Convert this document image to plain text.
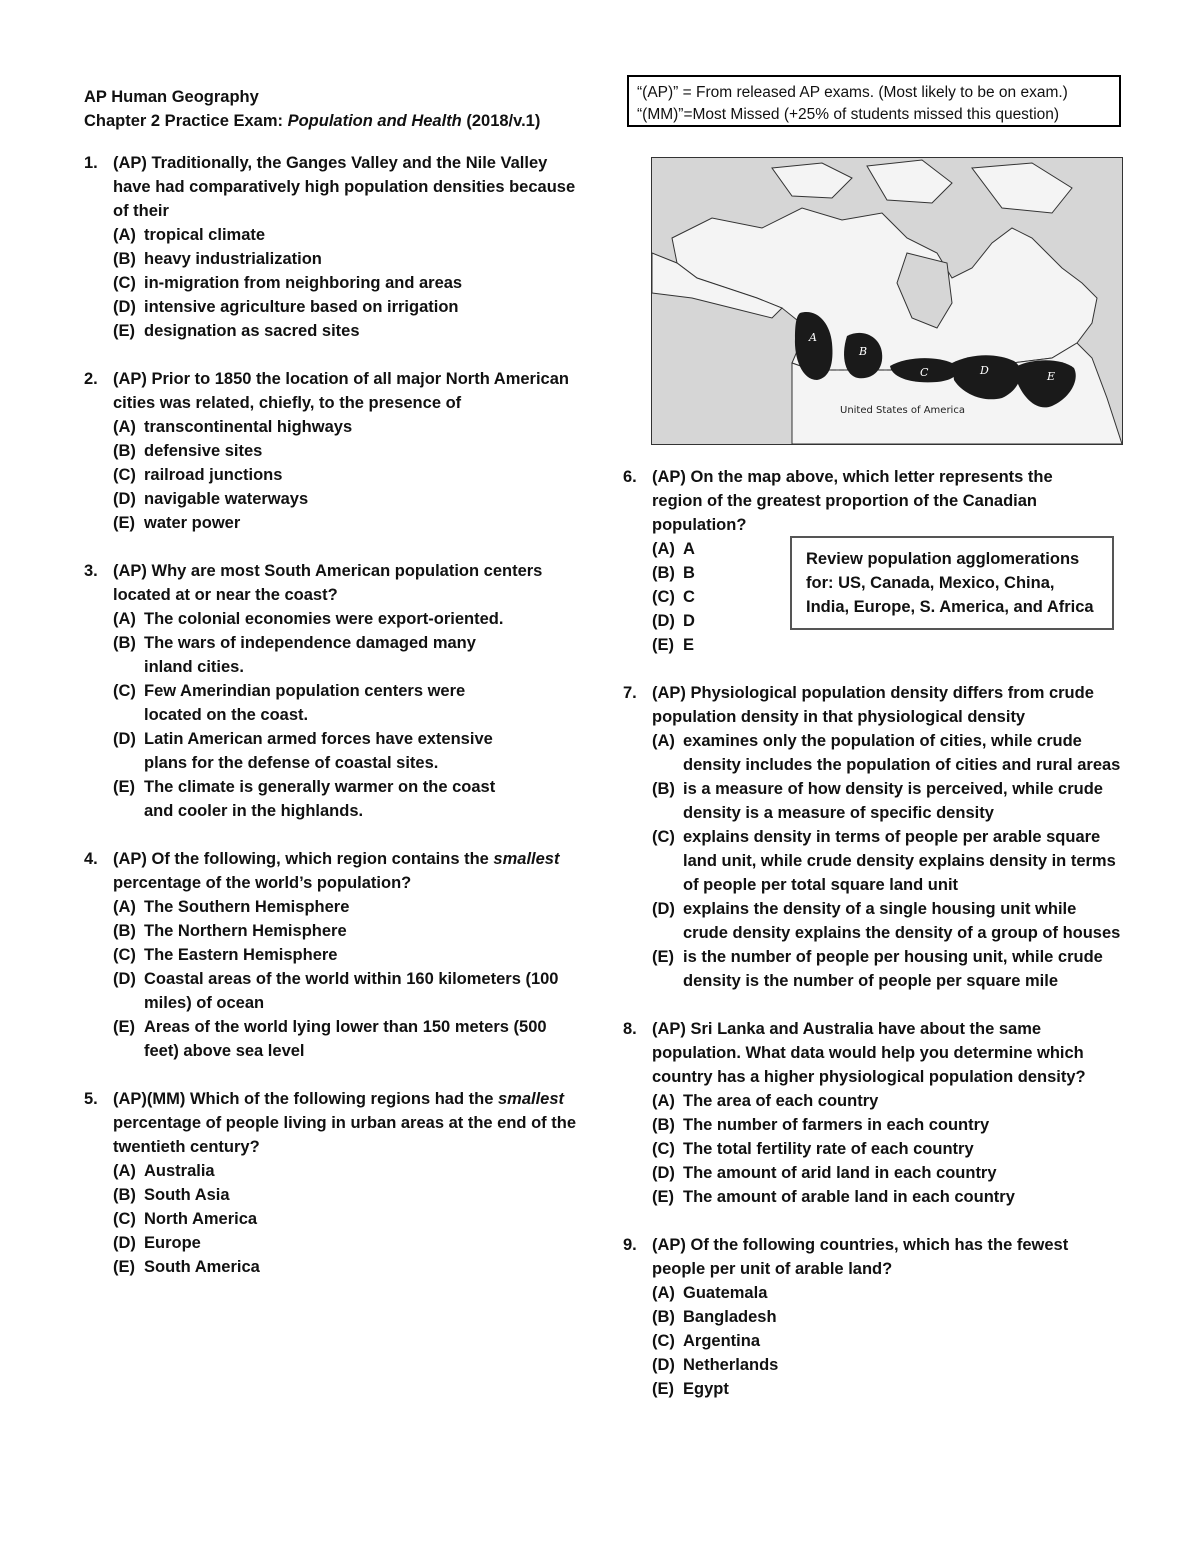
“(AP)” = From released AP exams. (Most likely to be on exam.)
“(MM)”=Most Missed (+25% of students missed this question)
A
B
C	D	E
United States of America
Review population agglomerations
for: US, Canada, Mexico, China,
India, Europe, S. America, and Africa
AP Human Geography
Chapter 2 Practice Exam: Population and Health (2018/v.1)
1. (AP) Traditionally, the Ganges Valley and the Nile Valley have had comparatively high population densities because of their
(A) tropical climate
(B) heavy industrialization
(C) in-migration from neighboring and areas
(D) intensive agriculture based on irrigation
(E) designation as sacred sites
2. (AP) Prior to 1850 the location of all major North American cities was related, chiefly, to the presence of
(A) transcontinental highways
(B) defensive sites
(C) railroad junctions
(D) navigable waterways
(E) water power
3. (AP) Why are most South American population centers located at or near the coast?
(A) The colonial economies were export-oriented.
(B) The wars of independence damaged many inland cities.
(C) Few Amerindian population centers were located on the coast.
(D) Latin American armed forces have extensive plans for the defense of coastal sites.
(E) The climate is generally warmer on the coast and cooler in the highlands.
4. (AP) Of the following, which region contains the smallest percentage of the world’s population?
(A) The Southern Hemisphere
(B) The Northern Hemisphere
(C) The Eastern Hemisphere
(D) Coastal areas of the world within 160 kilometers (100 miles) of ocean
(E) Areas of the world lying lower than 150 meters (500 feet) above sea level
5. (AP)(MM) Which of the following regions had the smallest percentage of people living in urban areas at the end of the twentieth century?
(A) Australia
(B) South Asia
(C) North America
(D) Europe
(E) South America
6. (AP) On the map above, which letter represents the region of the greatest proportion of the Canadian population?
(A) A
(B) B
(C) C
(D) D
(E) E
7. (AP) Physiological population density differs from crude population density in that physiological density
(A) examines only the population of cities, while crude density includes the population of cities and rural areas
(B) is a measure of how density is perceived, while crude density is a measure of specific density
(C) explains density in terms of people per arable square land unit, while crude density explains density in terms of people per total square land unit
(D) explains the density of a single housing unit while crude density explains the density of a group of houses
(E) is the number of people per housing unit, while crude density is the number of people per square mile
8. (AP) Sri Lanka and Australia have about the same population. What data would help you determine which country has a higher physiological population density?
(A) The area of each country
(B) The number of farmers in each country
(C) The total fertility rate of each country
(D) The amount of arid land in each country
(E) The amount of arable land in each country
9. (AP) Of the following countries, which has the fewest people per unit of arable land?
(A) Guatemala
(B) Bangladesh
(C) Argentina
(D) Netherlands
(E) Egypt
